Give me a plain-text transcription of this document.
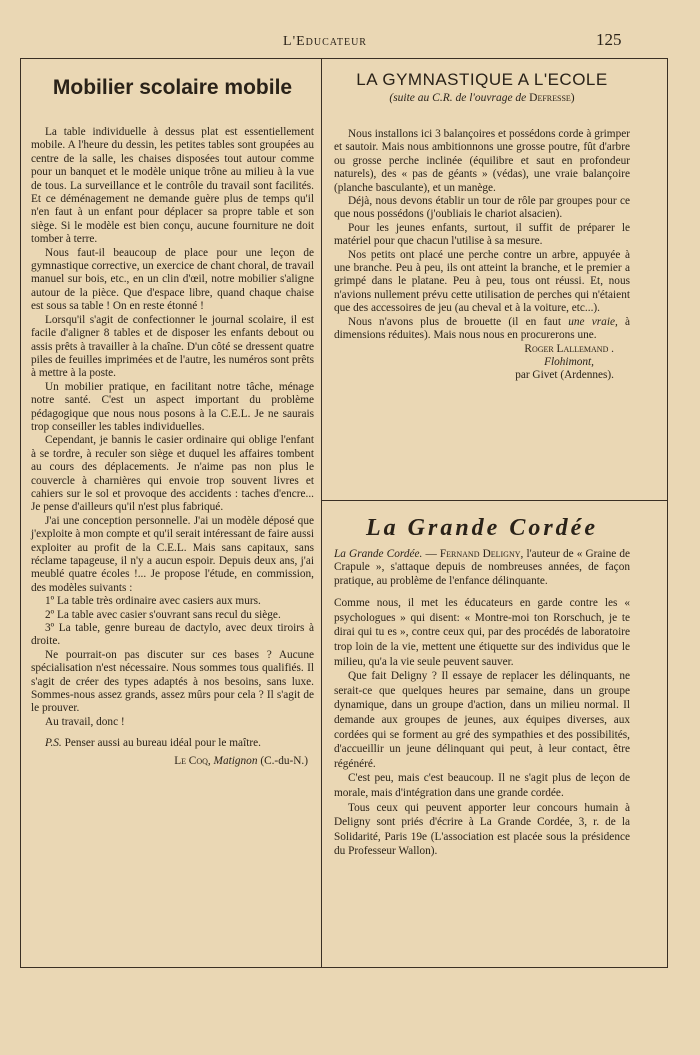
L'Educateur	125
Mobilier scolaire mobile

La table individuelle à dessus plat est essentiellement mobile. A l'heure du dessin, les petites tables sont groupées au centre de la salle, les chaises disposées tout autour comme pour un banquet et le modèle unique trône au milieu à la vue de tous. La surveillance et le contrôle du travail sont facilités. Et ce déménagement ne demande guère plus de temps qu'il n'en faut à un enfant pour déplacer sa propre table et son siège. Si le modèle est bien conçu, aucune fourniture ne doit tomber à terre.

Nous faut-il beaucoup de place pour une leçon de gymnastique corrective, un exercice de chant choral, de travail manuel sur bois, etc., en un clin d'œil, notre mobilier s'aligne autour de la pièce. Que d'espace libre, quand chaque chaise est sous sa table ! On en reste étonné !

Lorsqu'il s'agit de confectionner le journal scolaire, il est facile d'aligner 8 tables et de disposer les enfants debout ou assis prêts à travailler à la chaîne. D'un côté se dressent quatre piles de feuilles imprimées et de l'autre, les numéros sont prêts à mettre à la poste.

Un mobilier pratique, en facilitant notre tâche, ménage notre santé. C'est un aspect important du problème pédagogique que nous nous posons à la C.E.L. Je ne saurais trop conseiller les tables individuelles.

Cependant, je bannis le casier ordinaire qui oblige l'enfant à se tordre, à reculer son siège et duquel les affaires tombent au cours des déplacements. Je n'aime pas non plus le couvercle à charnières qui envoie trop souvent livres et cahiers sur le sol et provoque des accidents : taches d'encre... Je pense d'ailleurs qu'il n'est plus fabriqué.

J'ai une conception personnelle. J'ai un modèle déposé que j'exploite à mon compte et qu'il serait intéressant de faire aussi exploiter au profit de la C.E.L. Mais sans capitaux, sans réclame tapageuse, il n'y a aucun espoir. Depuis deux ans, j'ai meublé quatre écoles !... Je propose l'étude, en commission, des modèles suivants :

1º La table très ordinaire avec casiers aux murs.

2º La table avec casier s'ouvrant sans recul du siège.

3º La table, genre bureau de dactylo, avec deux tiroirs à droite.

Ne pourrait-on pas discuter sur ces bases ? Aucune spécialisation n'est nécessaire. Nous sommes tous qualifiés. Il s'agit de créer des types adaptés à nos besoins, sans luxe. Sommes-nous assez grands, assez mûrs pour cela ? Il s'agit de le prouver.

Au travail, donc !

P.S. Penser aussi au bureau idéal pour le maître.

Le Coq, Matignon (C.-du-N.)
LA GYMNASTIQUE A L'ECOLE
(suite au C.R. de l'ouvrage de Defresse)

Nous installons ici 3 balançoires et possédons corde à grimper et sautoir. Mais nous ambitionnons une grosse poutre, fût d'arbre ou grosse perche inclinée (équilibre et saut en profondeur naturels), des « pas de géants » (védas), une vraie balançoire (planche basculante), et un manège.

Déjà, nous devons établir un tour de rôle par groupes pour ce que nous possédons (j'oubliais le chariot alsacien).

Pour les jeunes enfants, surtout, il suffit de préparer le matériel pour que chacun l'utilise à sa mesure.

Nos petits ont placé une perche contre un arbre, appuyée à une branche. Peu à peu, ils ont atteint la branche, et le premier a grimpé dans le platane. Peu à peu, tous ont réussi. Et, nous n'avions nullement prévu cette utilisation de perches qui n'étaient que des accessoires de jeu (au cheval et à la voiture, etc...).

Nous n'avons plus de brouette (il en faut une vraie, à dimensions réduites). Mais nous nous en procurerons une.

Roger Lallemand .
Flohimont,
par Givet (Ardennes).
La Grande Cordée

La Grande Cordée. — Fernand Deligny, l'auteur de « Graine de Crapule », s'attaque depuis de nombreuses années, de façon pratique, au problème de l'enfance délinquante.

Comme nous, il met les éducateurs en garde contre les « psychologues » qui disent: « Montre-moi ton Rorschuch, je te dirai qui tu es », contre ceux qui, par des procédés de laboratoire trop loin de la vie, mettent une étiquette sur des individus que le milieu, qu'a la vie seule peuvent sauver.

Que fait Deligny ? Il essaye de replacer les délinquants, ne serait-ce que quelques heures par semaine, dans un groupe dynamique, dans un groupe d'action, dans un milieu normal. Il demande aux groupes de jeunes, aux équipes diverses, aux cordées qui se forment au gré des sympathies et des possibilités, d'accueillir un jeune délinquant qui peut, à leur contact, être régénéré.

C'est peu, mais c'est beaucoup. Il ne s'agit plus de leçon de morale, mais d'intégration dans une grande cordée.

Tous ceux qui peuvent apporter leur concours humain à Deligny sont priés d'écrire à La Grande Cordée, 3, r. de la Solidarité, Paris 19e (L'association est placée sous la présidence du Professeur Wallon).
